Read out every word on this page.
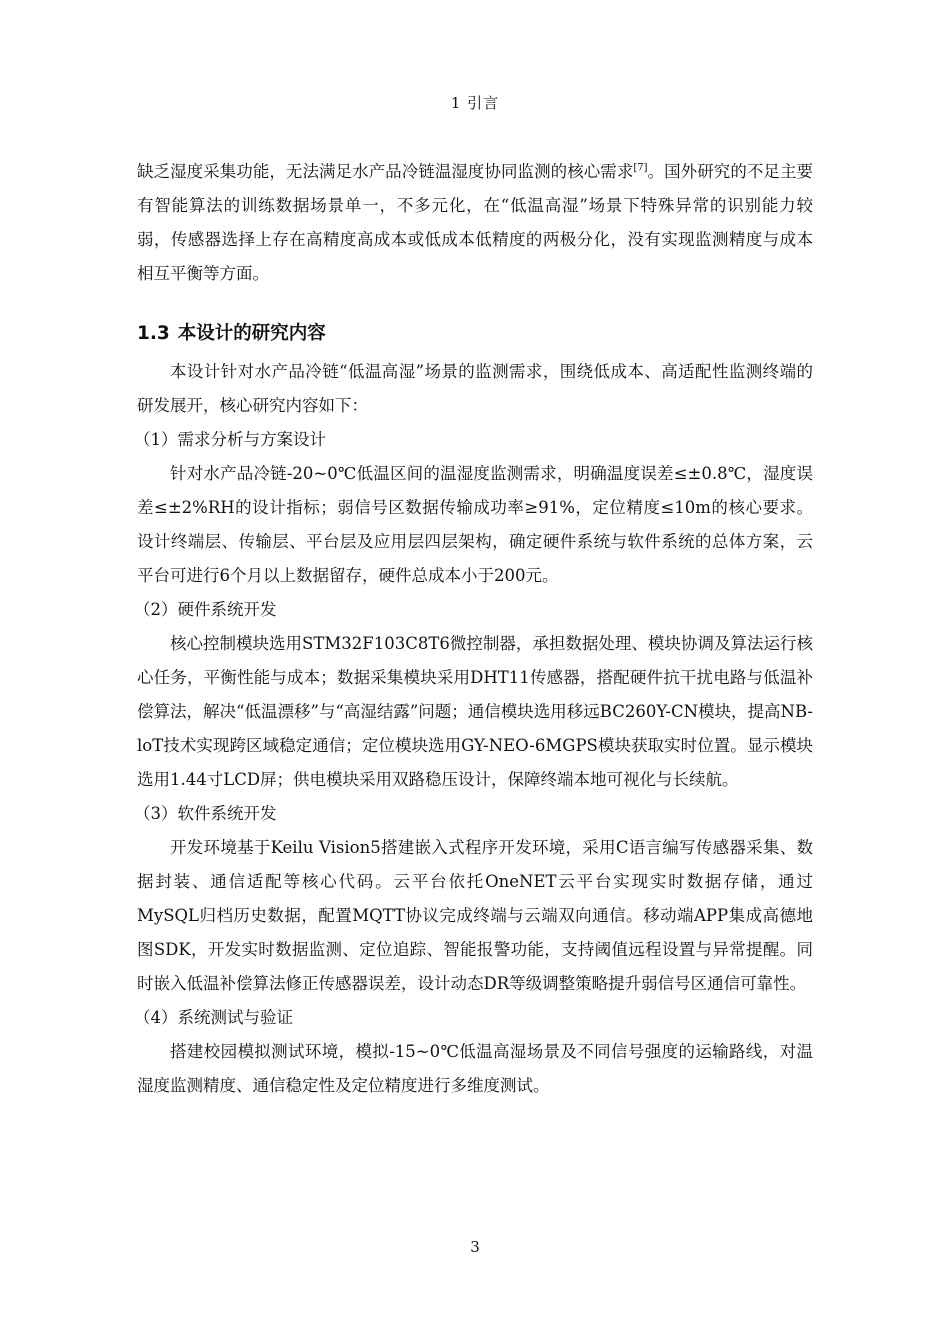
1 引言

缺乏湿度采集功能，无法满足水产品冷链温湿度协同监测的核心需求[7]。国外研究的不足主要有智能算法的训练数据场景单一，不多元化，在“低温高湿”场景下特殊异常的识别能力较弱，传感器选择上存在高精度高成本或低成本低精度的两极分化，没有实现监测精度与成本相互平衡等方面。

1.3 本设计的研究内容

本设计针对水产品冷链“低温高湿”场景的监测需求，围绕低成本、高适配性监测终端的研发展开，核心研究内容如下：

（1）需求分析与方案设计

针对水产品冷链-20~0℃低温区间的温湿度监测需求，明确温度误差≤±0.8℃，湿度误差≤±2%RH的设计指标；弱信号区数据传输成功率≥91%，定位精度≤10m的核心要求。设计终端层、传输层、平台层及应用层四层架构，确定硬件系统与软件系统的总体方案，云平台可进行6个月以上数据留存，硬件总成本小于200元。

（2）硬件系统开发

核心控制模块选用STM32F103C8T6微控制器，承担数据处理、模块协调及算法运行核心任务，平衡性能与成本；数据采集模块采用DHT11传感器，搭配硬件抗干扰电路与低温补偿算法，解决“低温漂移”与“高湿结露”问题；通信模块选用移远BC260Y-CN模块，提高NB-loT技术实现跨区域稳定通信；定位模块选用GY-NEO-6MGPS模块获取实时位置。显示模块选用1.44寸LCD屏；供电模块采用双路稳压设计，保障终端本地可视化与长续航。

（3）软件系统开发

开发环境基于Keilu Vision5搭建嵌入式程序开发环境，采用C语言编写传感器采集、数据封装、通信适配等核心代码。云平台依托OneNET云平台实现实时数据存储，通过MySQL归档历史数据，配置MQTT协议完成终端与云端双向通信。移动端APP集成高德地图SDK，开发实时数据监测、定位追踪、智能报警功能，支持阈值远程设置与异常提醒。同时嵌入低温补偿算法修正传感器误差，设计动态DR等级调整策略提升弱信号区通信可靠性。

（4）系统测试与验证

搭建校园模拟测试环境，模拟-15~0℃低温高湿场景及不同信号强度的运输路线，对温湿度监测精度、通信稳定性及定位精度进行多维度测试。

3
